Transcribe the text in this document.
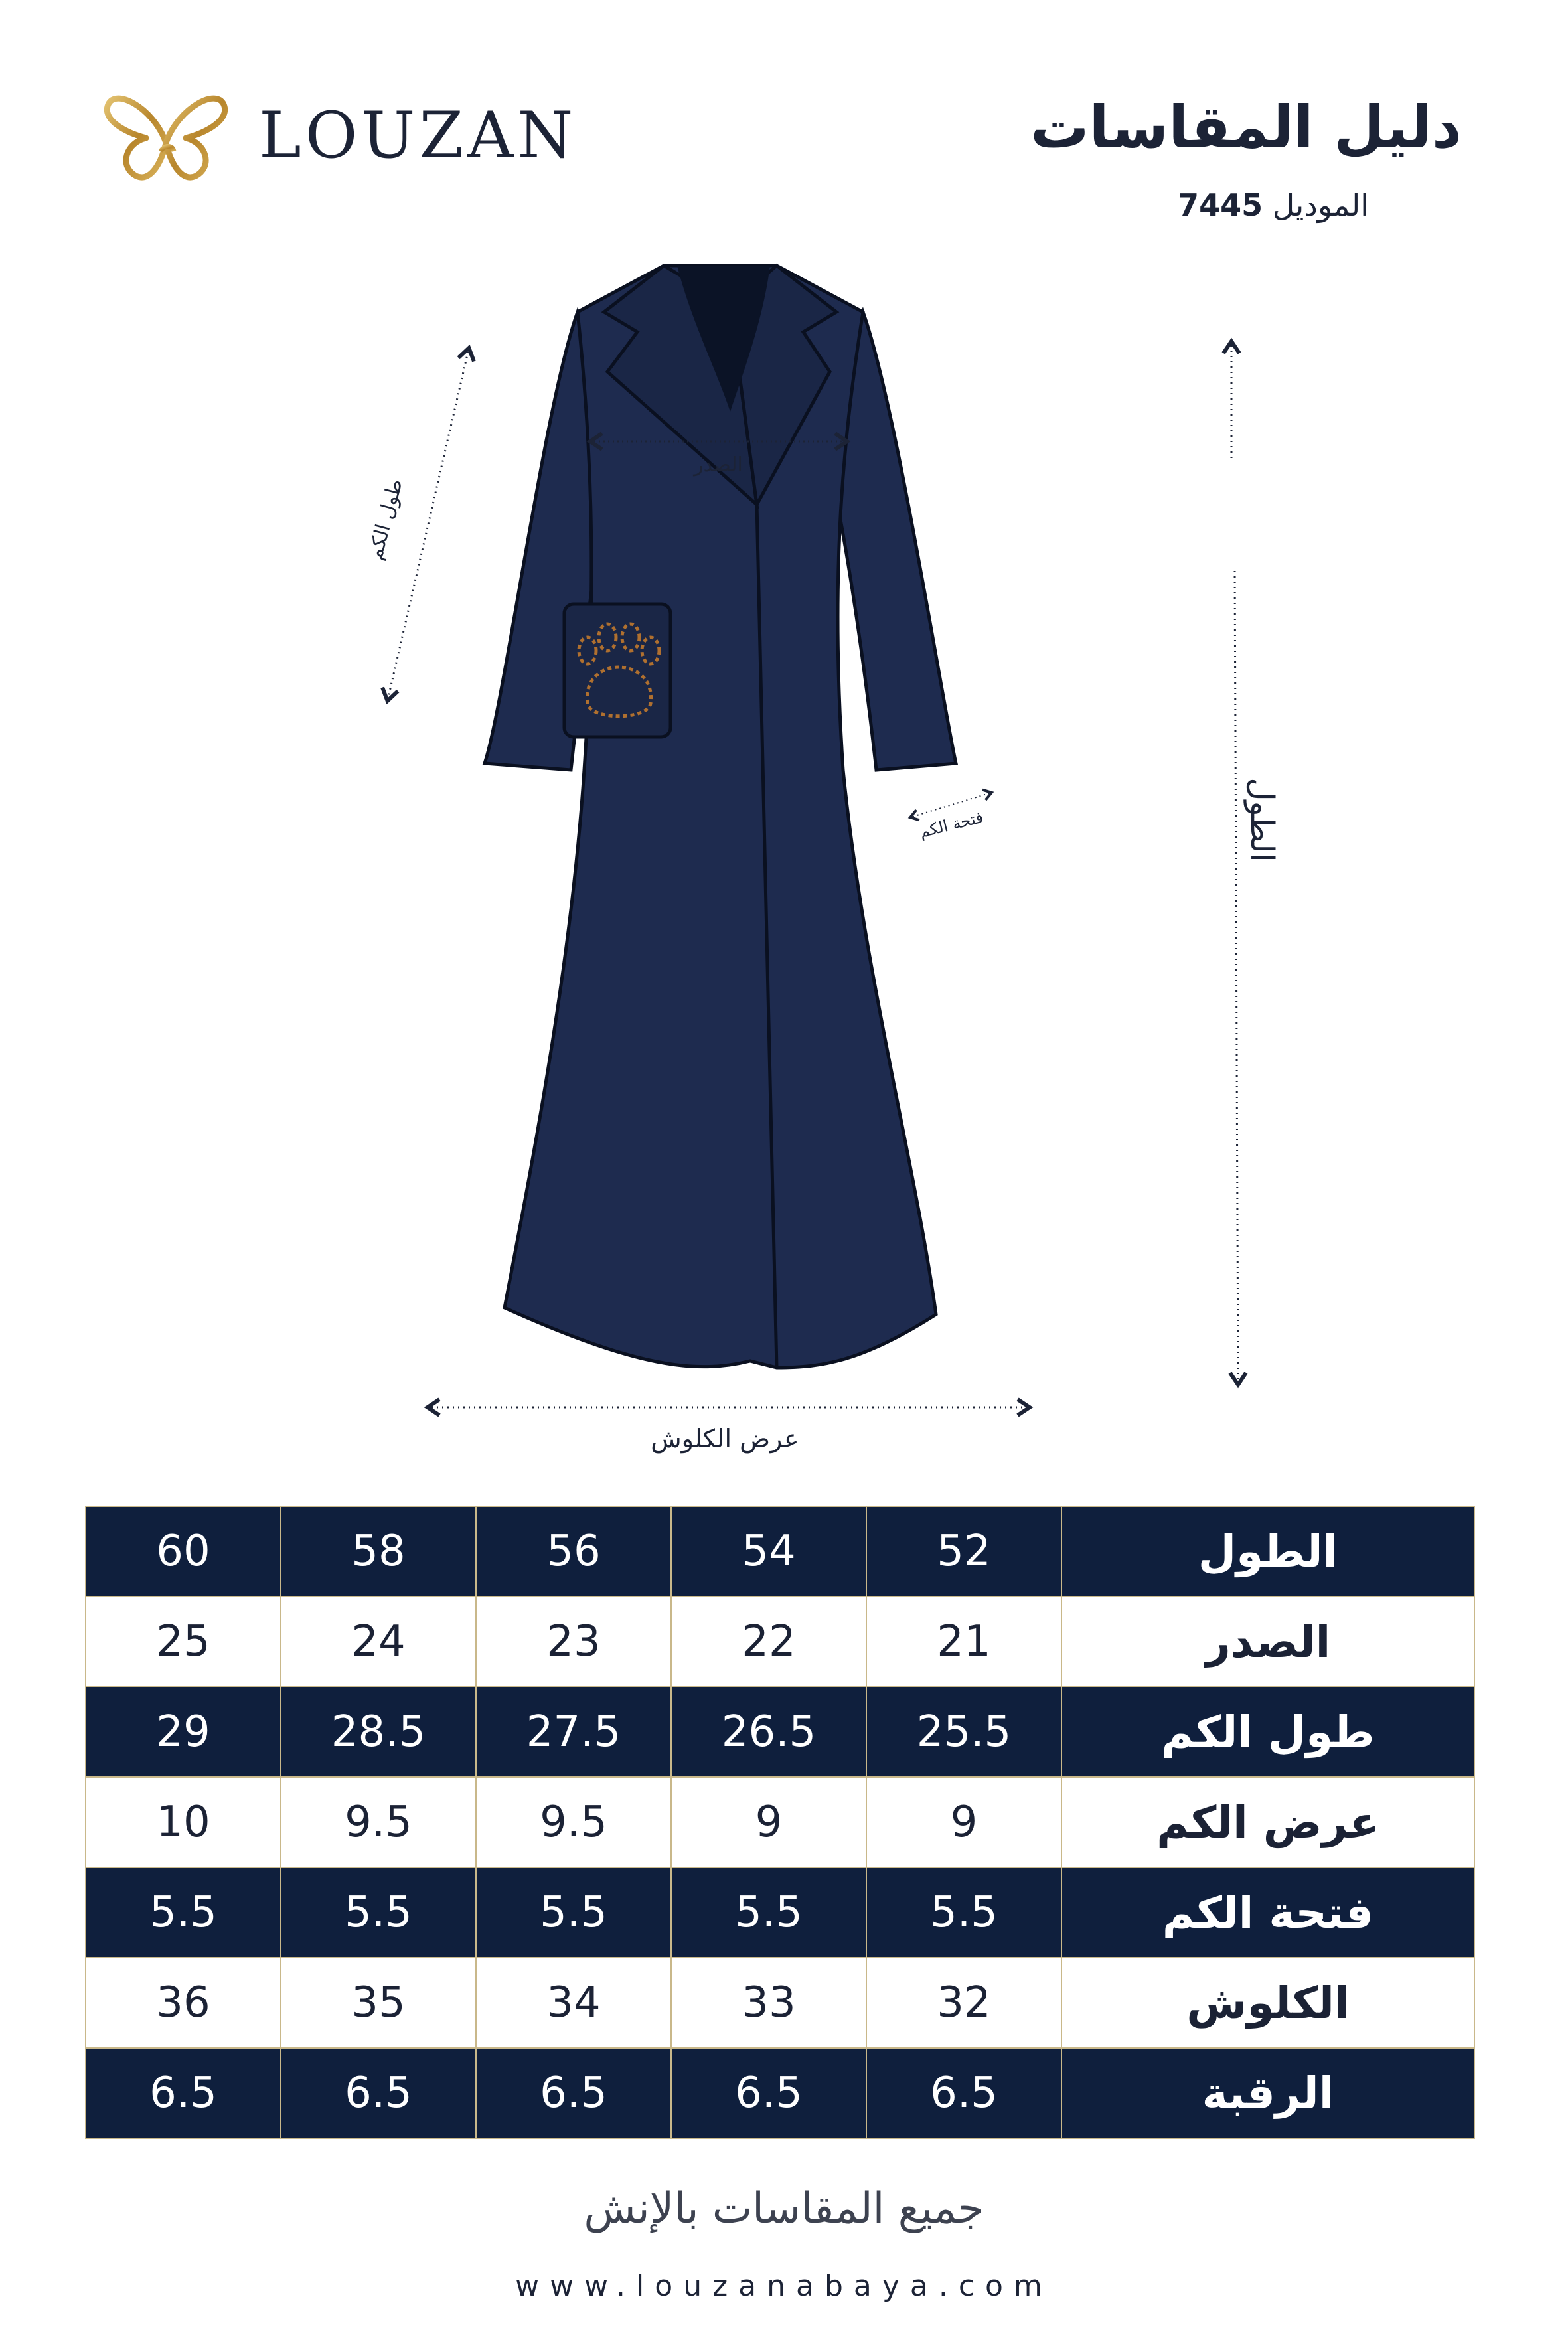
LOUZAN	دليل المقاسات
الموديل 7445
الصدر
طول الكم
فتحة الكم	الطول
عرض الكلوش
الطول	52	54	56	58	60
الصدر	21	22	23	24	25
طول الكم	25.5	26.5	27.5	28.5	29
عرض الكم	9	9	9.5	9.5	10
فتحة الكم	5.5	5.5	5.5	5.5	5.5
الكلوش	32	33	34	35	36
الرقبة	6.5	6.5	6.5	6.5	6.5
جميع المقاسات بالإنش
www.louzanabaya.com
